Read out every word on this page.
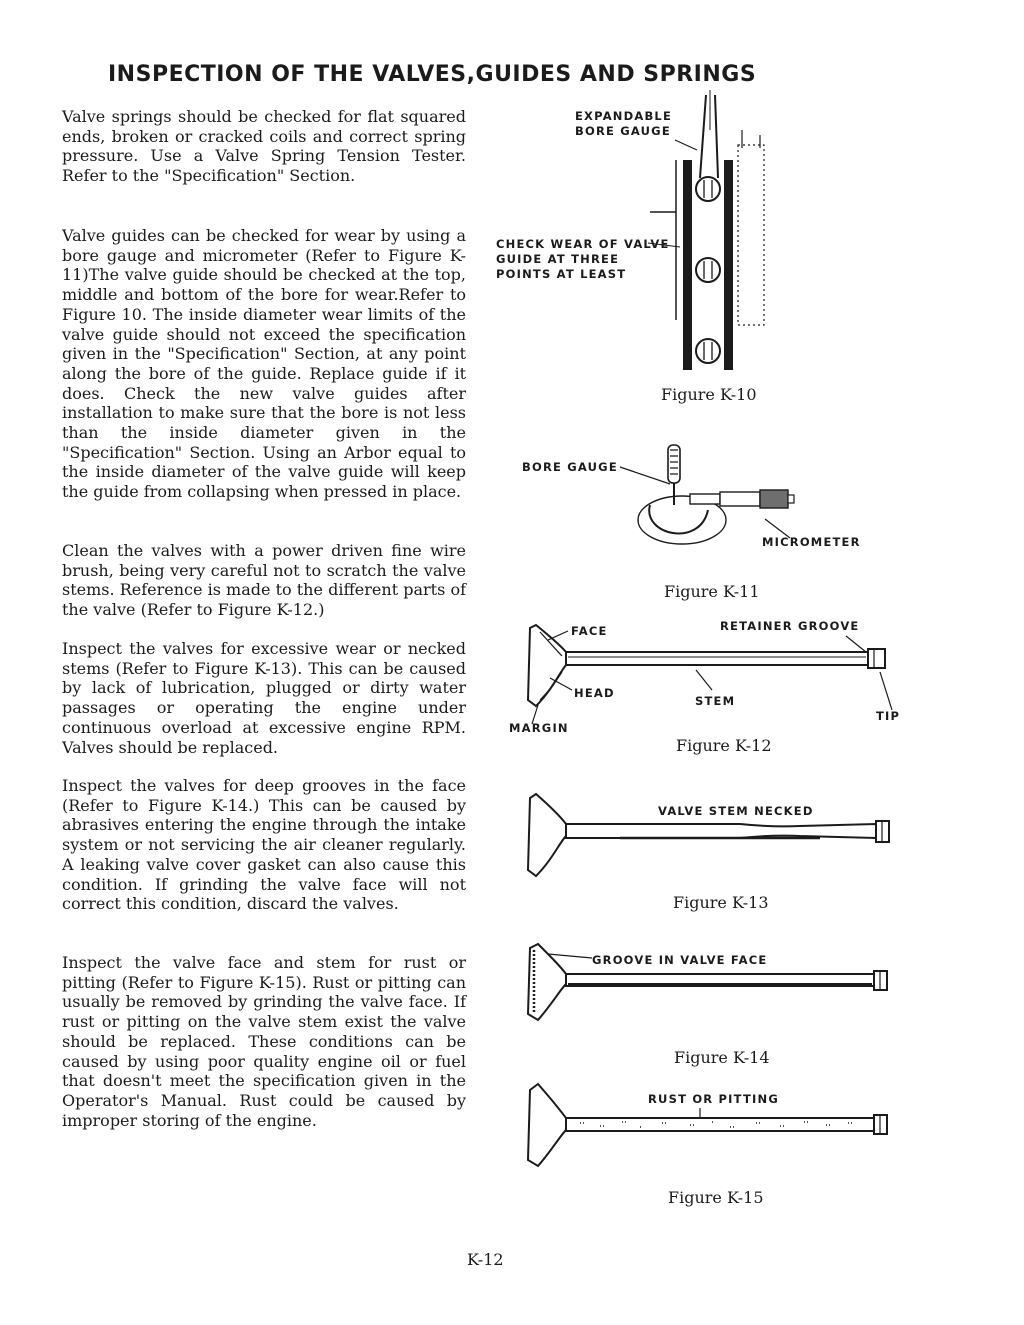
INSPECTION OF THE VALVES,GUIDES AND SPRINGS

Valve springs should be checked for flat squared ends, broken or cracked coils and correct spring pressure. Use a Valve Spring Tension Tester. Refer to the "Specification" Section.

Valve guides can be checked for wear by using a bore gauge and micrometer (Refer to Figure K-11)The valve guide should be checked at the top, middle and bottom of the bore for wear.Refer to Figure 10. The inside diameter wear limits of the valve guide should not exceed the specification given in the "Specification" Section, at any point along the bore of the guide. Replace guide if it does. Check the new valve guides after installation to make sure that the bore is not less than the inside diameter given in the "Specification" Section. Using an Arbor equal to the inside diameter of the valve guide will keep the guide from collapsing when pressed in place.

Clean the valves with a power driven fine wire brush, being very careful not to scratch the valve stems. Reference is made to the different parts of the valve (Refer to Figure K-12.)

Inspect the valves for excessive wear or necked stems (Refer to Figure K-13). This can be caused by lack of lubrication, plugged or dirty water passages or operating the engine under continuous overload at excessive engine RPM. Valves should be replaced.

Inspect the valves for deep grooves in the face (Refer to Figure K-14.) This can be caused by abrasives entering the engine through the intake system or not servicing the air cleaner regularly. A leaking valve cover gasket can also cause this condition. If grinding the valve face will not correct this condition, discard the valves.

Inspect the valve face and stem for rust or pitting (Refer to Figure K-15). Rust or pitting can usually be removed by grinding the valve face. If rust or pitting on the valve stem exist the valve should be replaced. These conditions can be caused by using poor quality engine oil or fuel that doesn't meet the specification given in the Operator's Manual. Rust could be caused by improper storing of the engine.

EXPANDABLE
BORE GAUGE
CHECK WEAR OF VALVE
GUIDE AT THREE
POINTS AT LEAST
Figure K-10
BORE GAUGE
MICROMETER
Figure K-11
FACE	RETAINER GROOVE
HEAD
STEM
TIP
MARGIN
Figure K-12
VALVE STEM NECKED
Figure K-13
GROOVE IN VALVE FACE
Figure K-14
RUST OR PITTING
Figure K-15
K-12
